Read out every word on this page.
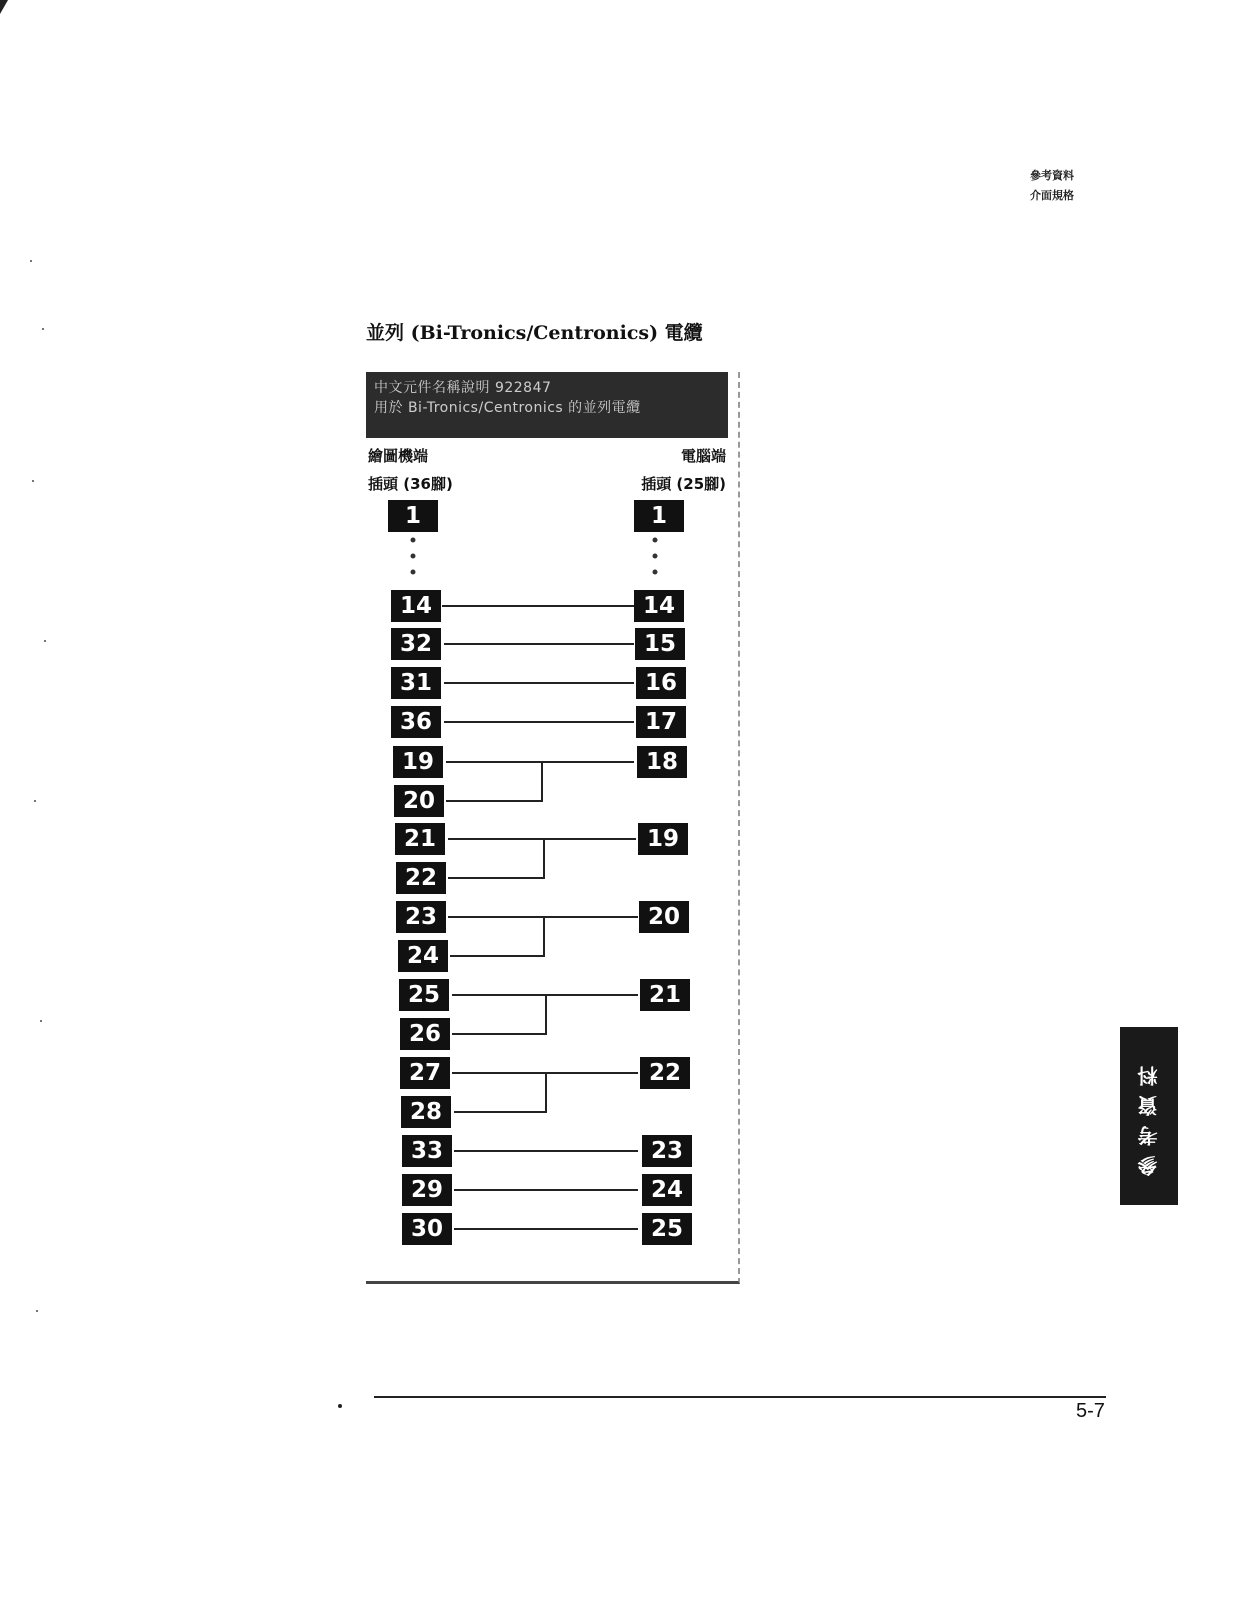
參考資料
介面規格
並列 (Bi-Tronics/Centronics) 電纜
中文元件名稱說明 922847
用於 Bi-Tronics/Centronics 的並列電纜
繪圖機端
插頭 (36腳)
電腦端
插頭 (25腳)
1
14
32
31
36
19
20
21
22
23
24
25
26
27
28
33
29
30
1
14
15
16
17
18
19
20
21
22
23
24
25
參考資料
5-7
